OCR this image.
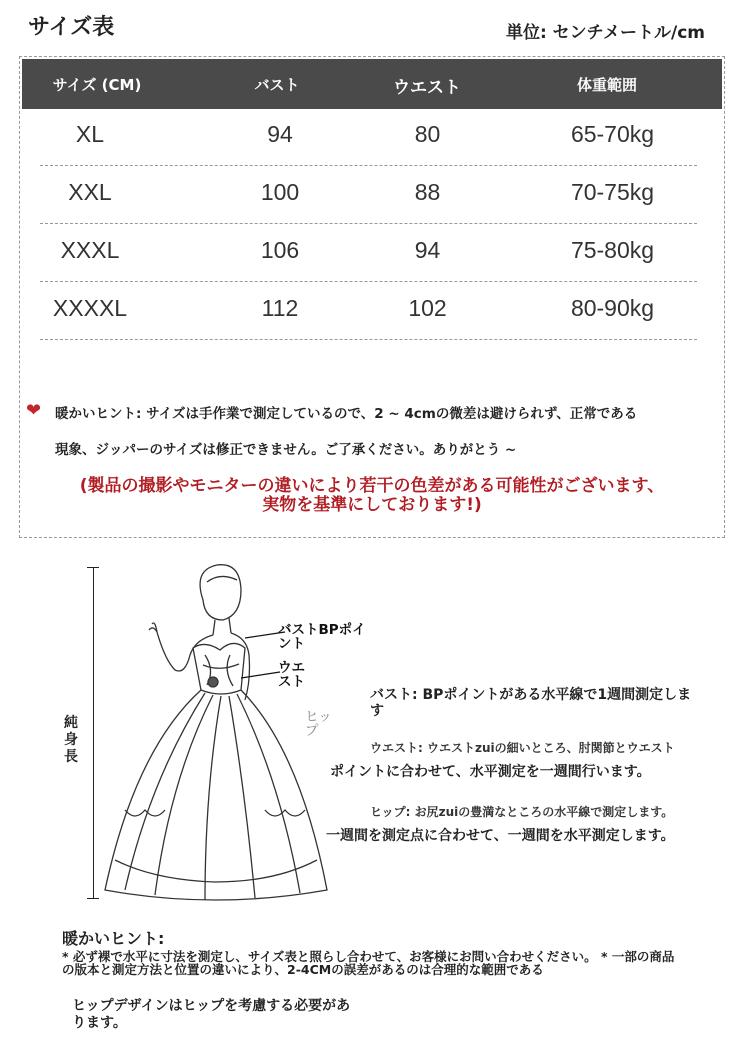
サイズ表	単位: センチメートル/cm
サイズ (CM)	バスト	ウエスト	体重範囲
XL	94	80	65-70kg
XXL	100	88	70-75kg
XXXL	106	94	75-80kg
XXXXL	112	102	80-90kg
❤ 暖かいヒント: サイズは手作業で測定しているので、2 ~ 4cmの微差は避けられず、正常である
現象、ジッパーのサイズは修正できません。ご了承ください。ありがとう ~
(製品の撮影やモニターの違いにより若干の色差がある可能性がございます、
実物を基準にしております!)
純身長
バストBPポイント
ウエスト
ヒップ
バスト: BPポイントがある水平線で1週間測定します
ウエスト: ウエストzuiの細いところ、肘関節とウエスト
ポイントに合わせて、水平測定を一週間行います。
ヒップ: お尻zuiの豊満なところの水平線で測定します。
一週間を測定点に合わせて、一週間を水平測定します。
暖かいヒント:
* 必ず裸で水平に寸法を測定し、サイズ表と照らし合わせて、お客様にお問い合わせください。 * 一部の商品の版本と測定方法と位置の違いにより、2-4CMの誤差があるのは合理的な範囲である
ヒップデザインはヒップを考慮する必要があります。
